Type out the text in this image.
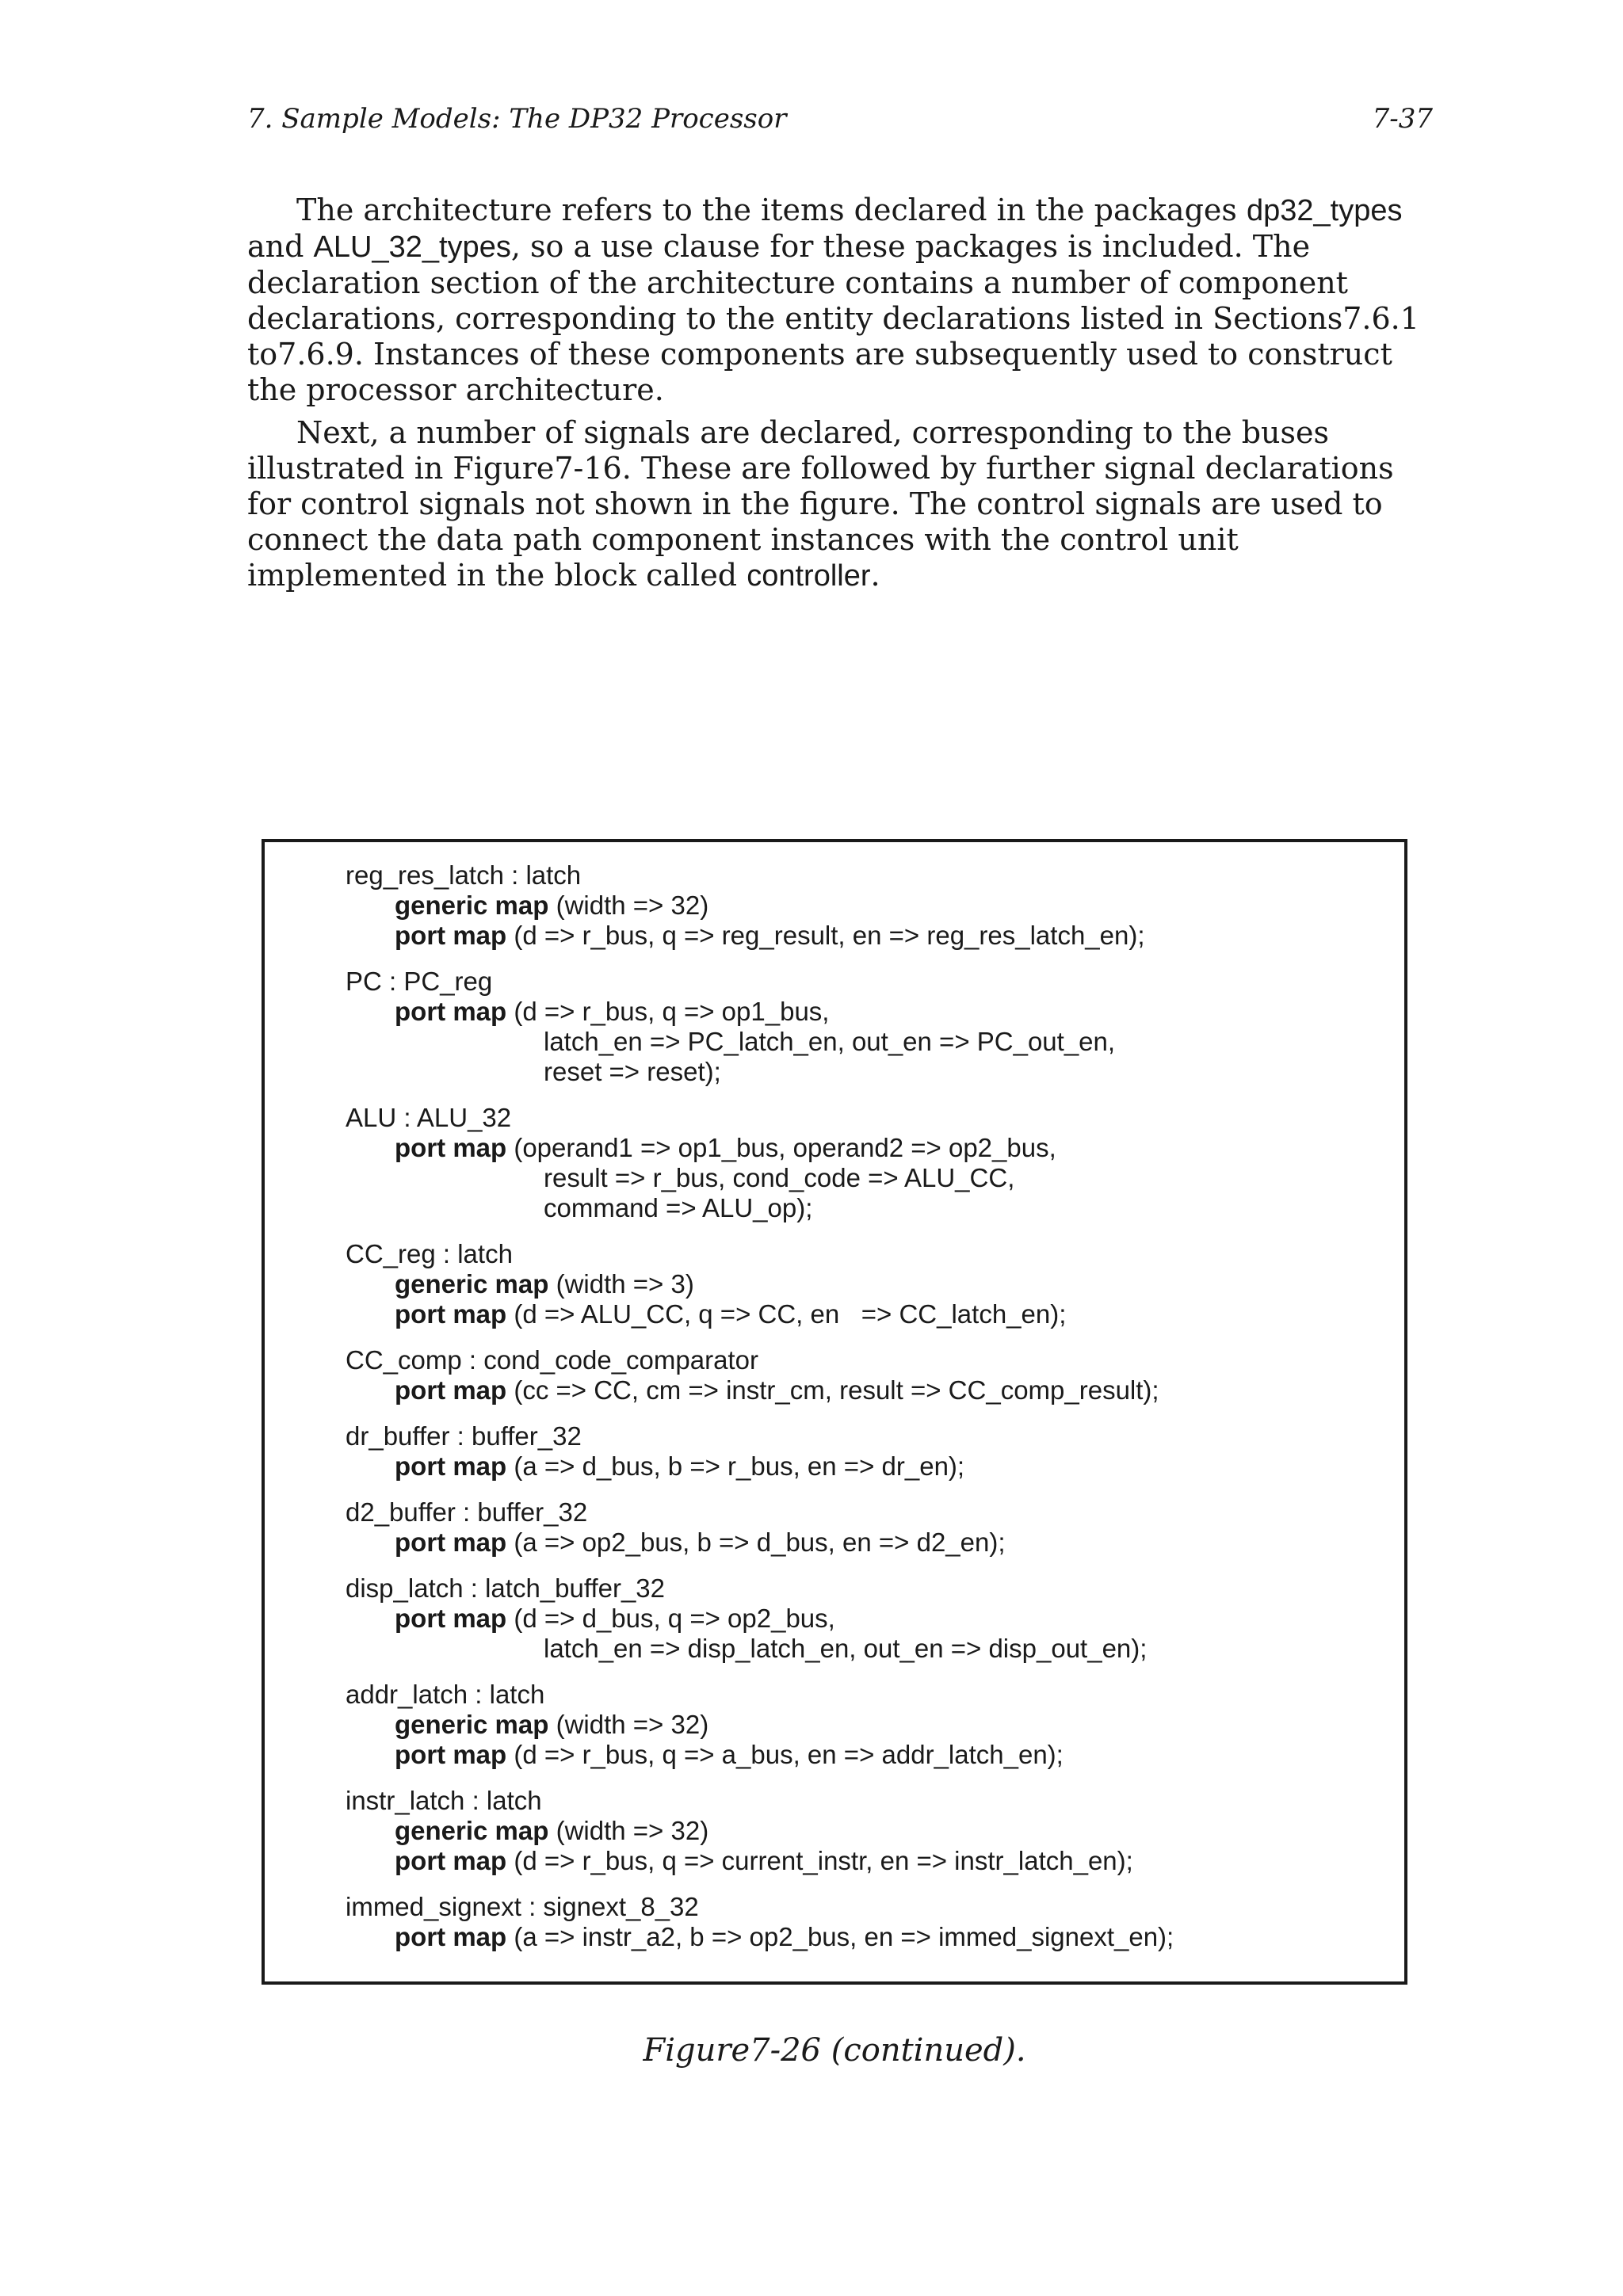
7. Sample Models: The DP32 Processor	7-37

The architecture refers to the items declared in the packages dp32_types and ALU_32_types, so a use clause for these packages is included. The declaration section of the architecture contains a number of component declarations, corresponding to the entity declarations listed in Sections7.6.1 to7.6.9. Instances of these components are subsequently used to construct the processor architecture.

Next, a number of signals are declared, corresponding to the buses illustrated in Figure7-16. These are followed by further signal declarations for control signals not shown in the figure. The control signals are used to connect the data path component instances with the control unit implemented in the block called controller.

reg_res_latch : latch
generic map (width => 32)
port map (d => r_bus, q => reg_result, en => reg_res_latch_en);
PC : PC_reg
port map (d => r_bus, q => op1_bus,
latch_en => PC_latch_en, out_en => PC_out_en,
reset => reset);
ALU : ALU_32
port map (operand1 => op1_bus, operand2 => op2_bus,
result => r_bus, cond_code => ALU_CC,
command => ALU_op);
CC_reg : latch
generic map (width => 3)
port map (d => ALU_CC, q => CC, en   => CC_latch_en);
CC_comp : cond_code_comparator
port map (cc => CC, cm => instr_cm, result => CC_comp_result);
dr_buffer : buffer_32
port map (a => d_bus, b => r_bus, en => dr_en);
d2_buffer : buffer_32
port map (a => op2_bus, b => d_bus, en => d2_en);
disp_latch : latch_buffer_32
port map (d => d_bus, q => op2_bus,
latch_en => disp_latch_en, out_en => disp_out_en);
addr_latch : latch
generic map (width => 32)
port map (d => r_bus, q => a_bus, en => addr_latch_en);
instr_latch : latch
generic map (width => 32)
port map (d => r_bus, q => current_instr, en => instr_latch_en);
immed_signext : signext_8_32
port map (a => instr_a2, b => op2_bus, en => immed_signext_en);
Figure7-26 (continued).
